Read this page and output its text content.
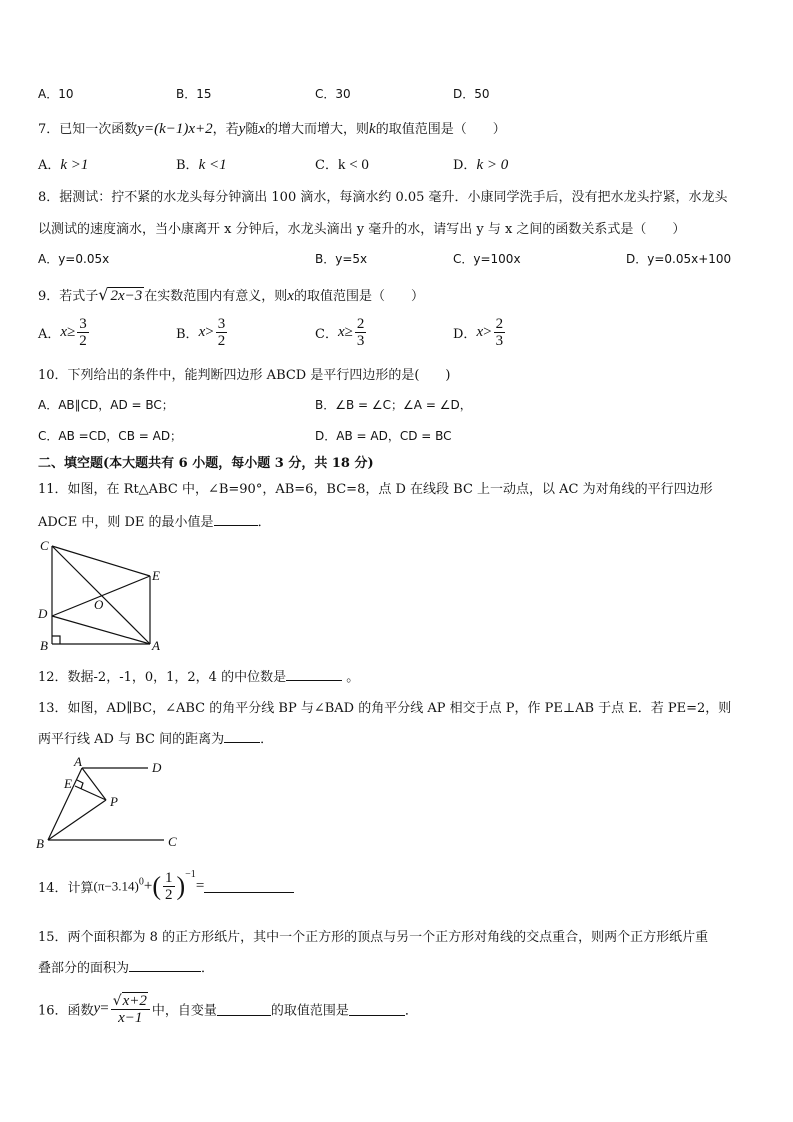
A．10	B．15	C．30	D．50
7．已知一次函数y=(k−1)x+2，若y随x的增大而增大，则k的取值范围是（　　）
A．k >1	B．k <1	C．k < 0	D．k > 0
8．据测试：拧不紧的水龙头每分钟滴出 100 滴水，每滴水约 0.05 毫升．小康同学洗手后，没有把水龙头拧紧，水龙头
以测试的速度滴水，当小康离开 x 分钟后，水龙头滴出 y 毫升的水，请写出 y 与 x 之间的函数关系式是（　　）
A．y=0.05x	B．y=5x	C．y=100x	D．y=0.05x+100
9．若式子√ 2x−3 在实数范围内有意义，则x的取值范围是（　　）
A．$x\ge \frac{3}{2}$	B．$x> \frac{3}{2}$	C．$x\ge \frac{2}{3}$	D．$x> \frac{2}{3}$
10．下列给出的条件中，能判断四边形 ABCD 是平行四边形的是(　　)
A．AB∥CD，AD = BC；	B．∠B = ∠C；∠A = ∠D，
C．AB =CD，CB = AD；	D．AB = AD，CD = BC
二、填空题(本大题共有 6 小题，每小题 3 分，共 18 分)
11．如图，在 Rt△ABC 中，∠B=90°，AB=6，BC=8，点 D 在线段 BC 上一动点，以 AC 为对角线的平行四边形
ADCE 中，则 DE 的最小值是	．
C
E
O
D
B	A
12．数据-2，-1，0，1，2，4 的中位数是	。
13．如图，AD∥BC，∠ABC 的角平分线 BP 与∠BAD 的角平分线 AP 相交于点 P，作 PE⊥AB 于点 E．若 PE=2，则
两平行线 AD 与 BC 间的距离为	．
A	D
E
P
B	C
14．计算$(\pi-3.14)^0+( \frac{1}{2} )^{-1}=$
15．两个面积都为 8 的正方形纸片，其中一个正方形的顶点与另一个正方形对角线的交点重合，则两个正方形纸片重
叠部分的面积为	．
16．函数$y= \frac{√x+2}{x-1}$ 中，自变量	的取值范围是	．
